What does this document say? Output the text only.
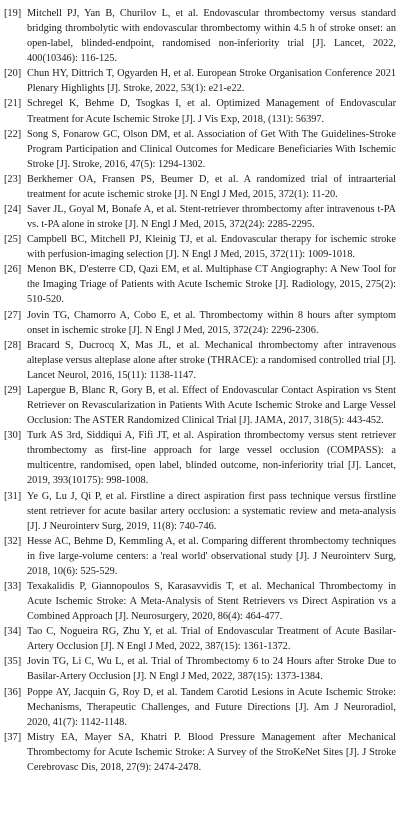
[19] Mitchell PJ, Yan B, Churilov L, et al. Endovascular thrombectomy versus standard bridging thrombolytic with endovascular thrombectomy within 4.5 h of stroke onset: an open-label, blinded-endpoint, randomised non-inferiority trial [J]. Lancet, 2022, 400(10346): 116-125.

[20] Chun HY, Dittrich T, Ogyarden H, et al. European Stroke Organisation Conference 2021 Plenary Highlights [J]. Stroke, 2022, 53(1): e21-e22.

[21] Schregel K, Behme D, Tsogkas I, et al. Optimized Management of Endovascular Treatment for Acute Ischemic Stroke [J]. J Vis Exp, 2018, (131): 56397.

[22] Song S, Fonarow GC, Olson DM, et al. Association of Get With The Guidelines-Stroke Program Participation and Clinical Outcomes for Medicare Beneficiaries With Ischemic Stroke [J]. Stroke, 2016, 47(5): 1294-1302.

[23] Berkhemer OA, Fransen PS, Beumer D, et al. A randomized trial of intraarterial treatment for acute ischemic stroke [J]. N Engl J Med, 2015, 372(1): 11-20.

[24] Saver JL, Goyal M, Bonafe A, et al. Stent-retriever thrombectomy after intravenous t-PA vs. t-PA alone in stroke [J]. N Engl J Med, 2015, 372(24): 2285-2295.

[25] Campbell BC, Mitchell PJ, Kleinig TJ, et al. Endovascular therapy for ischemic stroke with perfusion-imaging selection [J]. N Engl J Med, 2015, 372(11): 1009-1018.

[26] Menon BK, D'esterre CD, Qazi EM, et al. Multiphase CT Angiography: A New Tool for the Imaging Triage of Patients with Acute Ischemic Stroke [J]. Radiology, 2015, 275(2): 510-520.

[27] Jovin TG, Chamorro A, Cobo E, et al. Thrombectomy within 8 hours after symptom onset in ischemic stroke [J]. N Engl J Med, 2015, 372(24): 2296-2306.

[28] Bracard S, Ducrocq X, Mas JL, et al. Mechanical thrombectomy after intravenous alteplase versus alteplase alone after stroke (THRACE): a randomised controlled trial [J]. Lancet Neurol, 2016, 15(11): 1138-1147.

[29] Lapergue B, Blanc R, Gory B, et al. Effect of Endovascular Contact Aspiration vs Stent Retriever on Revascularization in Patients With Acute Ischemic Stroke and Large Vessel Occlusion: The ASTER Randomized Clinical Trial [J]. JAMA, 2017, 318(5): 443-452.

[30] Turk AS 3rd, Siddiqui A, Fifi JT, et al. Aspiration thrombectomy versus stent retriever thrombectomy as first-line approach for large vessel occlusion (COMPASS): a multicentre, randomised, open label, blinded outcome, non-inferiority trial [J]. Lancet, 2019, 393(10175): 998-1008.

[31] Ye G, Lu J, Qi P, et al. Firstline a direct aspiration first pass technique versus firstline stent retriever for acute basilar artery occlusion: a systematic review and meta-analysis [J]. J Neurointerv Surg, 2019, 11(8): 740-746.

[32] Hesse AC, Behme D, Kemmling A, et al. Comparing different thrombectomy techniques in five large-volume centers: a 'real world' observational study [J]. J Neurointerv Surg, 2018, 10(6): 525-529.

[33] Texakalidis P, Giannopoulos S, Karasavvidis T, et al. Mechanical Thrombectomy in Acute Ischemic Stroke: A Meta-Analysis of Stent Retrievers vs Direct Aspiration vs a Combined Approach [J]. Neurosurgery, 2020, 86(4): 464-477.

[34] Tao C, Nogueira RG, Zhu Y, et al. Trial of Endovascular Treatment of Acute Basilar-Artery Occlusion [J]. N Engl J Med, 2022, 387(15): 1361-1372.

[35] Jovin TG, Li C, Wu L, et al. Trial of Thrombectomy 6 to 24 Hours after Stroke Due to Basilar-Artery Occlusion [J]. N Engl J Med, 2022, 387(15): 1373-1384.

[36] Poppe AY, Jacquin G, Roy D, et al. Tandem Carotid Lesions in Acute Ischemic Stroke: Mechanisms, Therapeutic Challenges, and Future Directions [J]. Am J Neuroradiol, 2020, 41(7): 1142-1148.

[37] Mistry EA, Mayer SA, Khatri P. Blood Pressure Management after Mechanical Thrombectomy for Acute Ischemic Stroke: A Survey of the StroKeNet Sites [J]. J Stroke Cerebrovasc Dis, 2018, 27(9): 2474-2478.
